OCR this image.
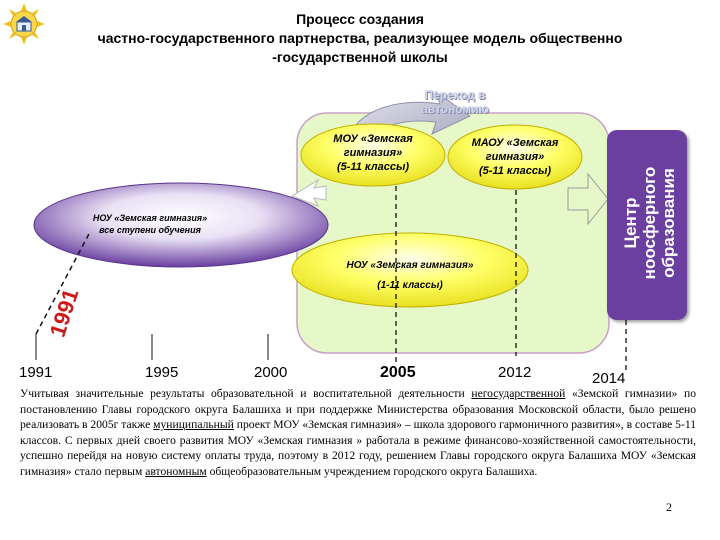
Процесс создания
частно-государственного партнерства, реализующее модель общественно
-государственной школы
Переход в
автономию
МОУ «Земская
гимназия»
(5-11 классы)
МАОУ «Земская
гимназия»
(5-11 классы)
НОУ «Земская гимназия»
все ступени обучения
НОУ «Земская гимназия»
(1-11 классы)
Центр ноосферного образования
1991
1991	1995	2000	2005	2012	2014
Учитывая значительные результаты образовательной и воспитательной деятельности негосударственной «Земской гимназии» по постановлению Главы городского округа Балашиха и при поддержке Министерства образования Московской области, было решено реализовать в 2005г также муниципальный проект МОУ «Земская гимназия» – школа здорового гармоничного развития», в составе 5-11 классов. С первых дней своего развития МОУ «Земская гимназия » работала в режиме финансово-хозяйственной самостоятельности, успешно перейдя на новую систему оплаты труда, поэтому в 2012 году, решением Главы городского округа Балашиха МОУ «Земская гимназия» стало первым автономным общеобразовательным учреждением городского округа Балашиха.
2
